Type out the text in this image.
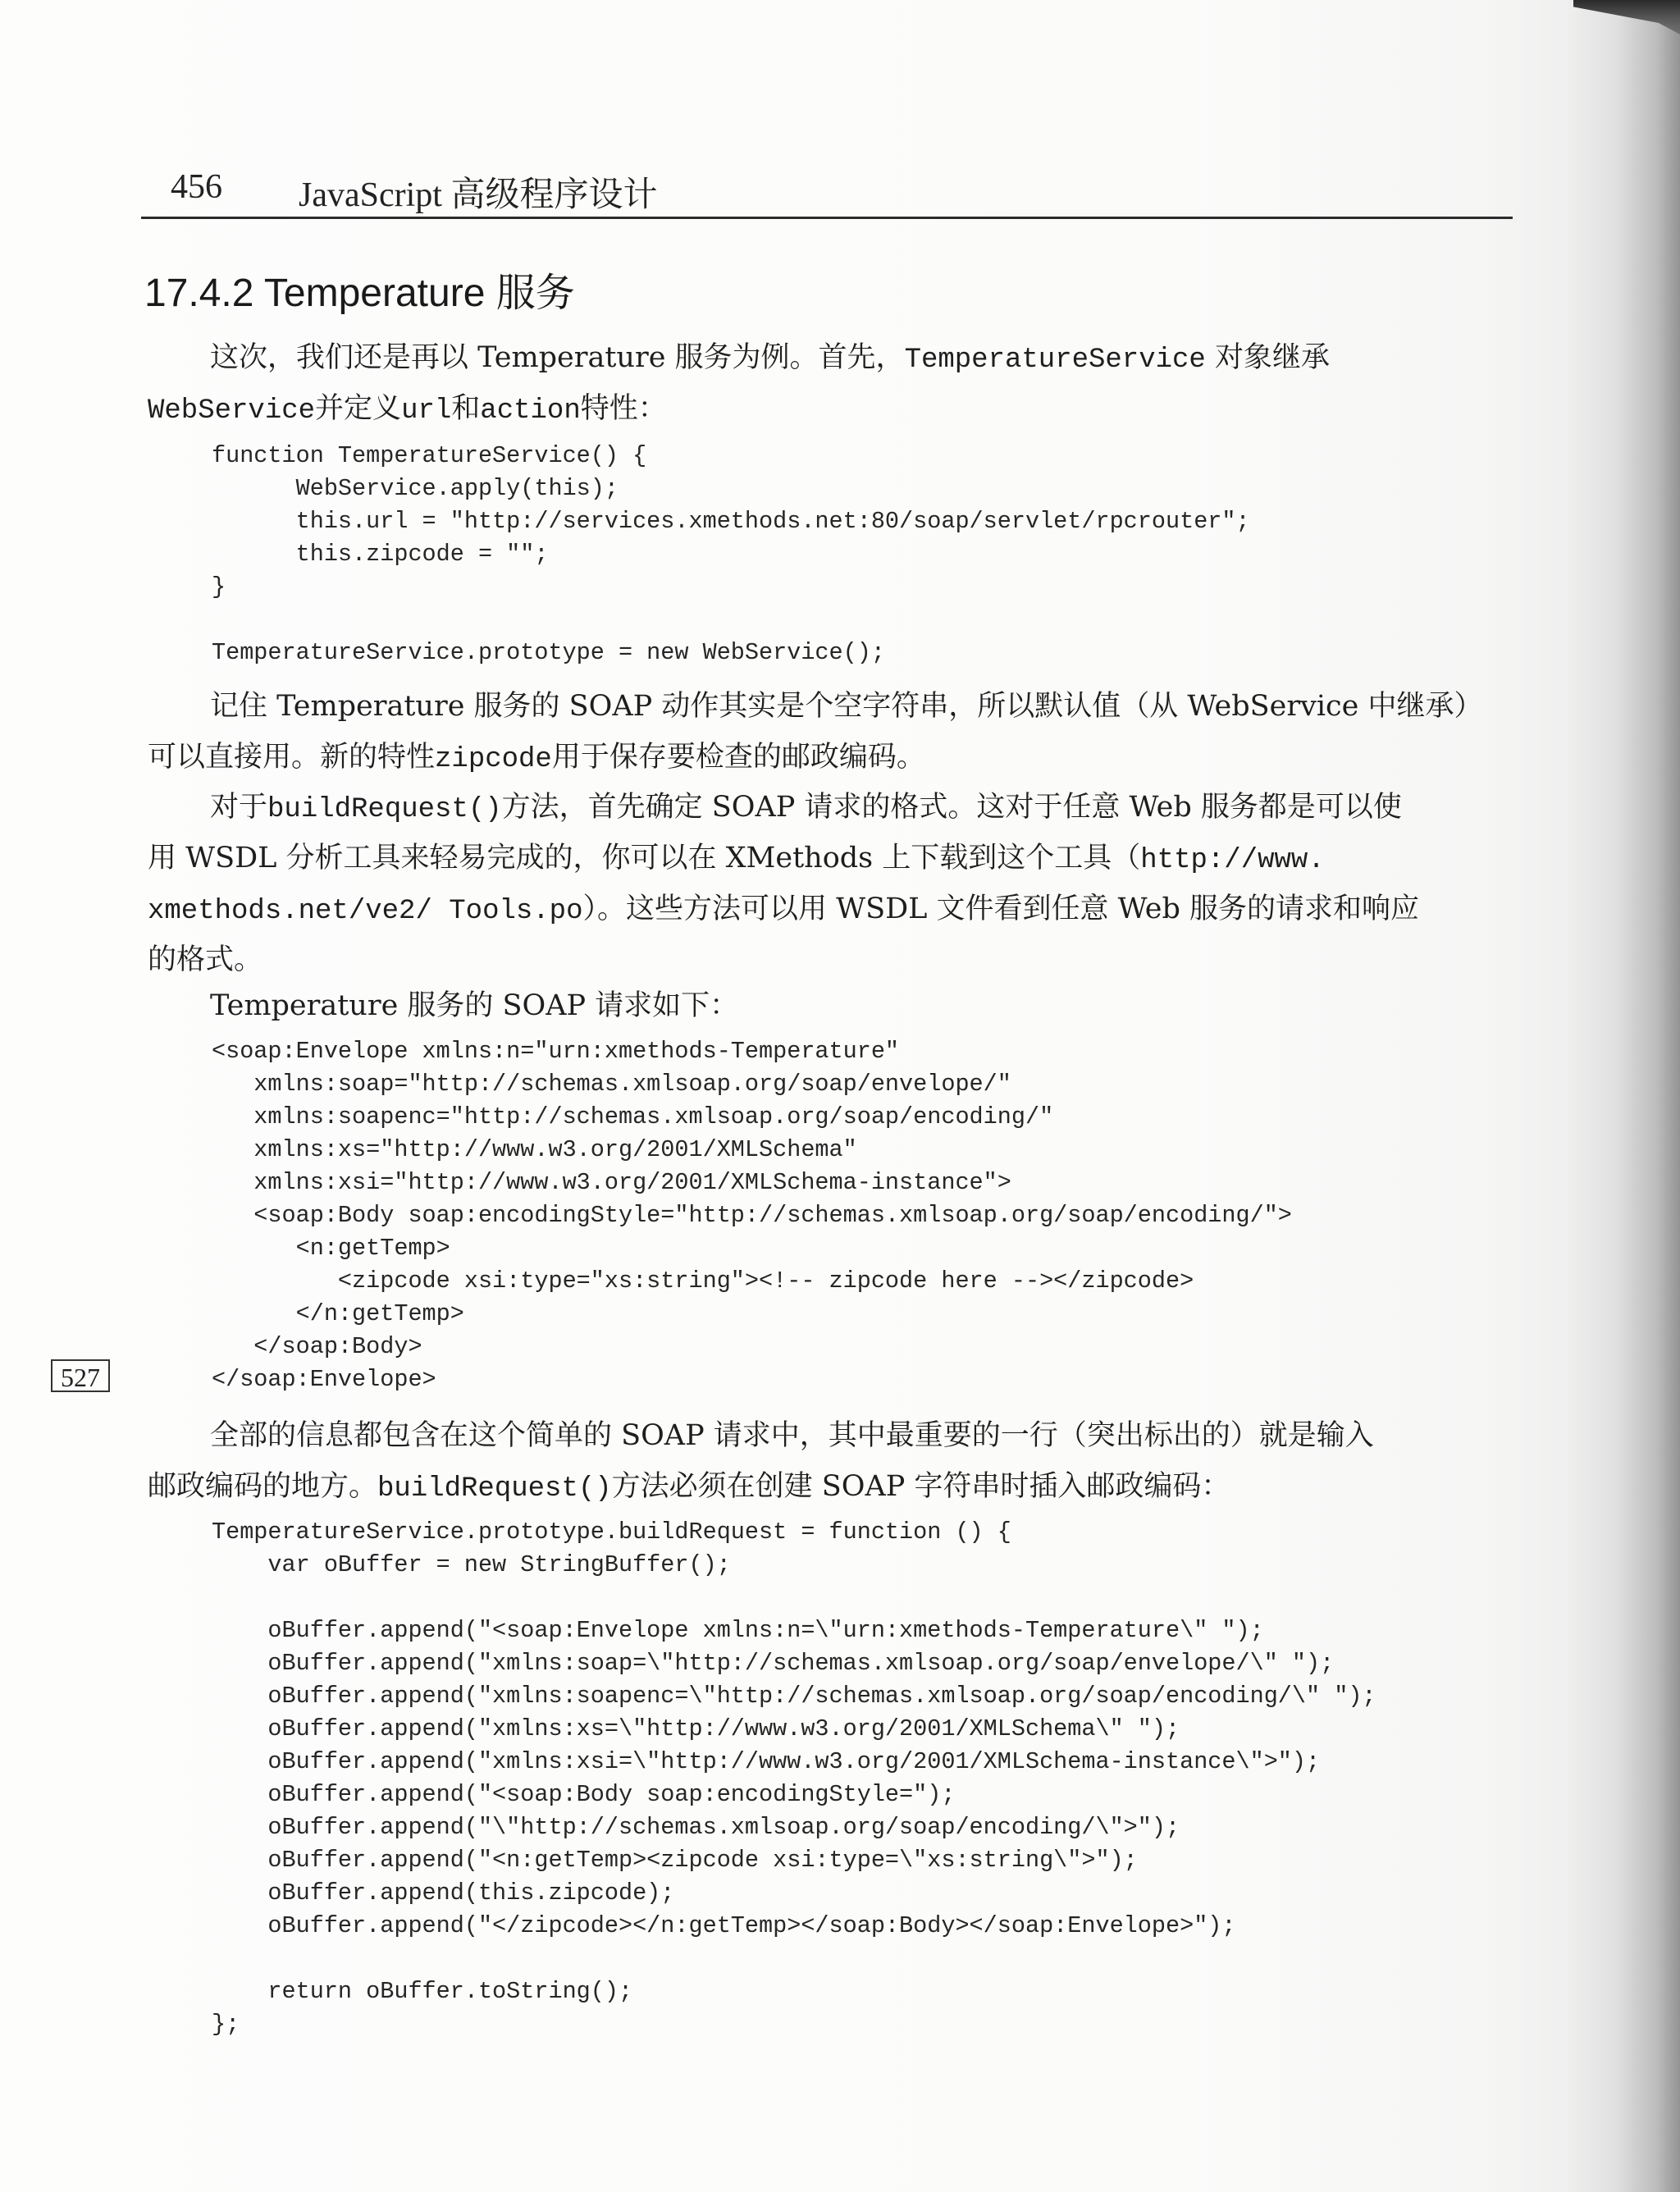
456 JavaScript 高级程序设计
17.4.2 Temperature 服务
这次，我们还是再以 Temperature 服务为例。首先，TemperatureService 对象继承
WebService并定义url和action特性：
function TemperatureService() {
WebService.apply(this);
this.url = "http://services.xmethods.net:80/soap/servlet/rpcrouter";
this.zipcode = "";
}
TemperatureService.prototype = new WebService();
记住 Temperature 服务的 SOAP 动作其实是个空字符串，所以默认值（从 WebService 中继承）
可以直接用。新的特性zipcode用于保存要检查的邮政编码。
对于buildRequest()方法，首先确定 SOAP 请求的格式。这对于任意 Web 服务都是可以使
用 WSDL 分析工具来轻易完成的，你可以在 XMethods 上下载到这个工具（http://www.
xmethods.net/ve2/ Tools.po）。这些方法可以用 WSDL 文件看到任意 Web 服务的请求和响应
的格式。
Temperature 服务的 SOAP 请求如下：
<soap:Envelope xmlns:n="urn:xmethods-Temperature"
xmlns:soap="http://schemas.xmlsoap.org/soap/envelope/"
xmlns:soapenc="http://schemas.xmlsoap.org/soap/encoding/"
xmlns:xs="http://www.w3.org/2001/XMLSchema"
xmlns:xsi="http://www.w3.org/2001/XMLSchema-instance">
<soap:Body soap:encodingStyle="http://schemas.xmlsoap.org/soap/encoding/">
<n:getTemp>
<zipcode xsi:type="xs:string"><!-- zipcode here --></zipcode>
</n:getTemp>
</soap:Body>
</soap:Envelope>
全部的信息都包含在这个简单的 SOAP 请求中，其中最重要的一行（突出标出的）就是输入
邮政编码的地方。buildRequest()方法必须在创建 SOAP 字符串时插入邮政编码：
TemperatureService.prototype.buildRequest = function () {
var oBuffer = new StringBuffer();
oBuffer.append("<soap:Envelope xmlns:n=\"urn:xmethods-Temperature\" ");
oBuffer.append("xmlns:soap=\"http://schemas.xmlsoap.org/soap/envelope/\" ");
oBuffer.append("xmlns:soapenc=\"http://schemas.xmlsoap.org/soap/encoding/\" ");
oBuffer.append("xmlns:xs=\"http://www.w3.org/2001/XMLSchema\" ");
oBuffer.append("xmlns:xsi=\"http://www.w3.org/2001/XMLSchema-instance\">");
oBuffer.append("<soap:Body soap:encodingStyle=");
oBuffer.append("\"http://schemas.xmlsoap.org/soap/encoding/\">");
oBuffer.append("<n:getTemp><zipcode xsi:type=\"xs:string\">");
oBuffer.append(this.zipcode);
oBuffer.append("</zipcode></n:getTemp></soap:Body></soap:Envelope>");
return oBuffer.toString();
};
527
